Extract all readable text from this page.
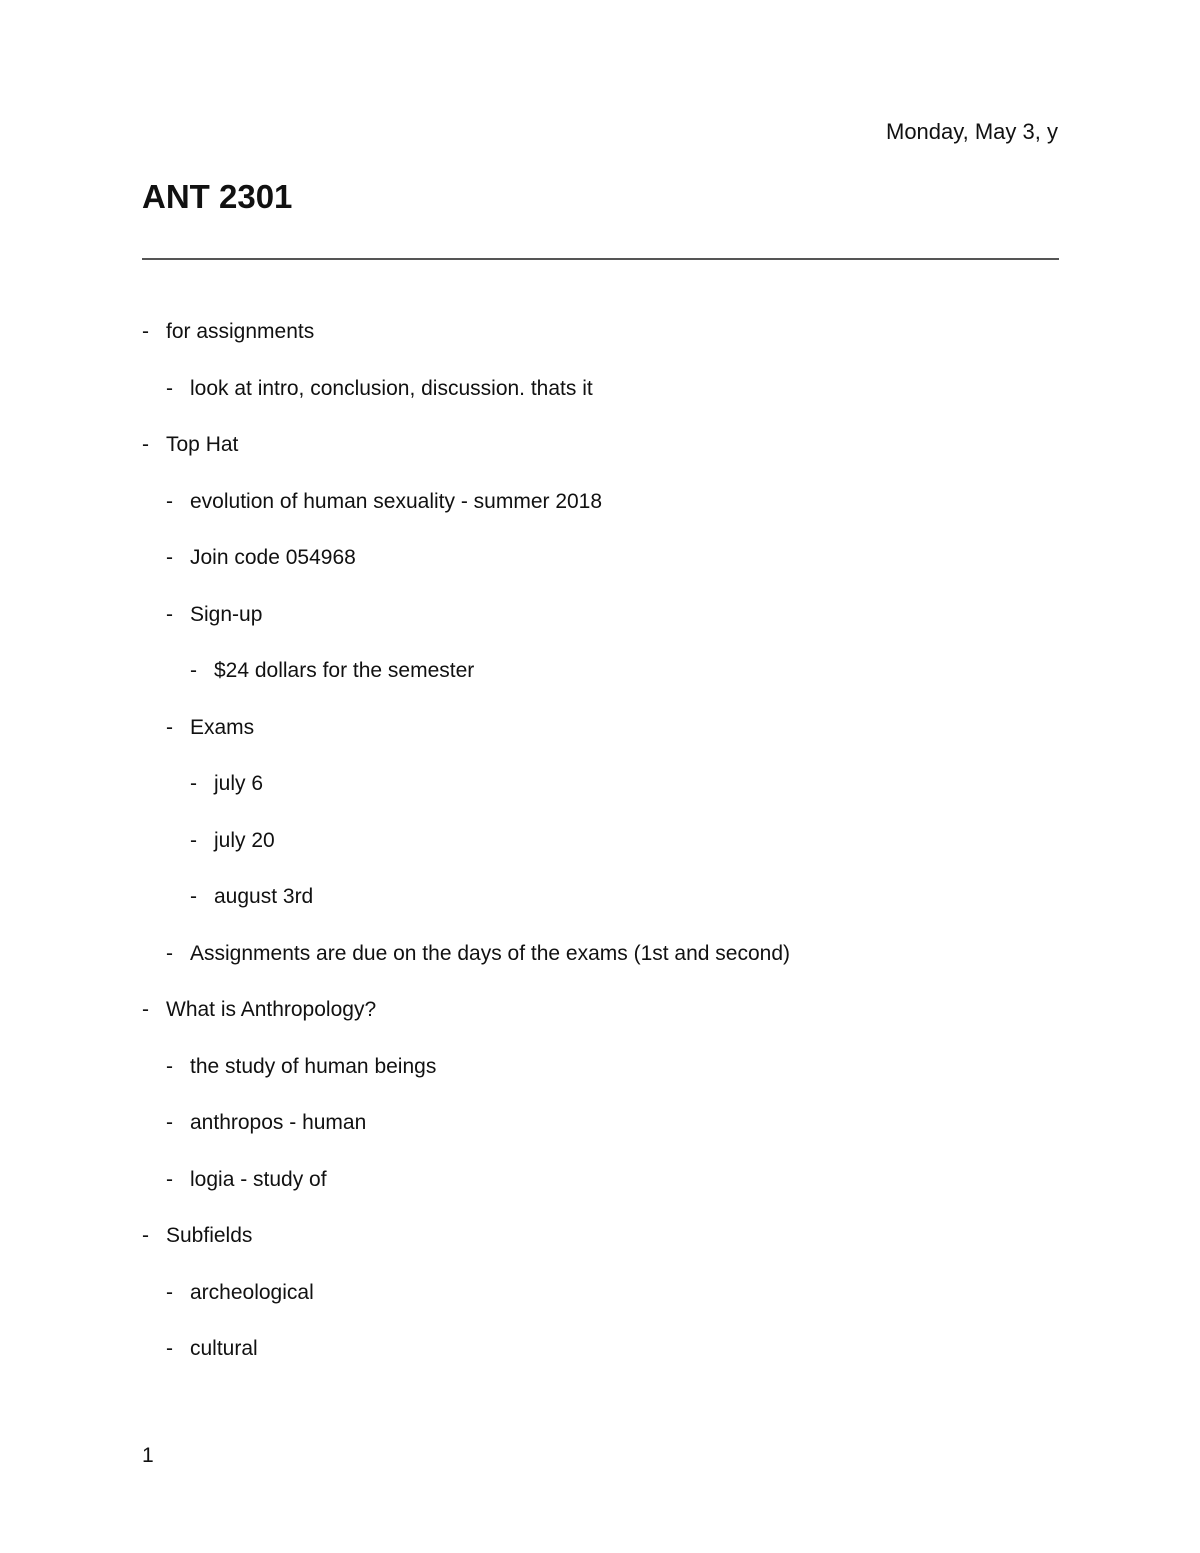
Monday, May 3, y
ANT 2301
- for assignments
- look at intro, conclusion, discussion. thats it
- Top Hat
- evolution of human sexuality - summer 2018
- Join code 054968
- Sign-up
- $24 dollars for the semester
- Exams
- july 6
- july 20
- august 3rd
- Assignments are due on the days of the exams (1st and second)
- What is Anthropology?
- the study of human beings
- anthropos - human
- logia - study of
- Subfields
- archeological
- cultural
1
